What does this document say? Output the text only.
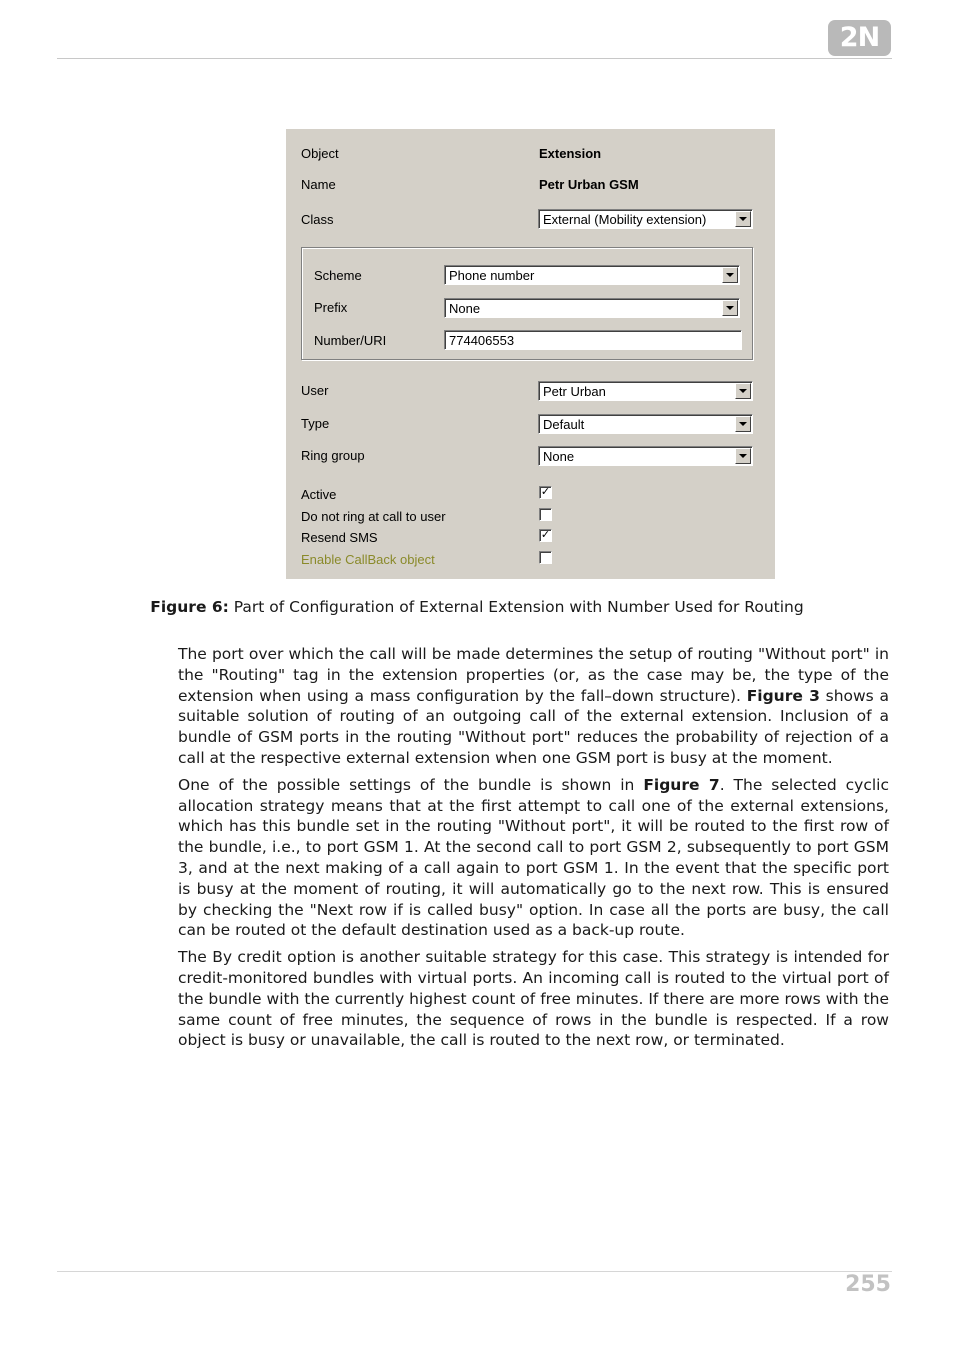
2N
Object	Extension
Name	Petr Urban GSM
Class	External (Mobility extension)
Scheme	Phone number
Prefix	None
Number/URI	774406553
User	Petr Urban
Type	Default
Ring group	None
Active	✓
Do not ring at call to user
Resend SMS	✓
Enable CallBack object
Figure 6: Part of Configuration of External Extension with Number Used for Routing

The port over which the call will be made determines the setup of routing "Without port" in the "Routing" tag in the extension properties (or, as the case may be, the type of the extension when using a mass configuration by the fall–down structure). Figure 3 shows a suitable solution of routing of an outgoing call of the external extension. Inclusion of a bundle of GSM ports in the routing "Without port" reduces the probability of rejection of a call at the respective external extension when one GSM port is busy at the moment.

One of the possible settings of the bundle is shown in Figure 7. The selected cyclic allocation strategy means that at the first attempt to call one of the external extensions, which has this bundle set in the routing "Without port", it will be routed to the first row of the bundle, i.e., to port GSM 1. At the second call to port GSM 2, subsequently to port GSM 3, and at the next making of a call again to port GSM 1. In the event that the specific port is busy at the moment of routing, it will automatically go to the next row. This is ensured by checking the "Next row if is called busy" option. In case all the ports are busy, the call can be routed ot the default destination used as a back-up route.

The By credit option is another suitable strategy for this case. This strategy is intended for credit-monitored bundles with virtual ports. An incoming call is routed to the virtual port of the bundle with the currently highest count of free minutes. If there are more rows with the same count of free minutes, the sequence of rows in the bundle is respected. If a row object is busy or unavailable, the call is routed to the next row, or terminated.

255
